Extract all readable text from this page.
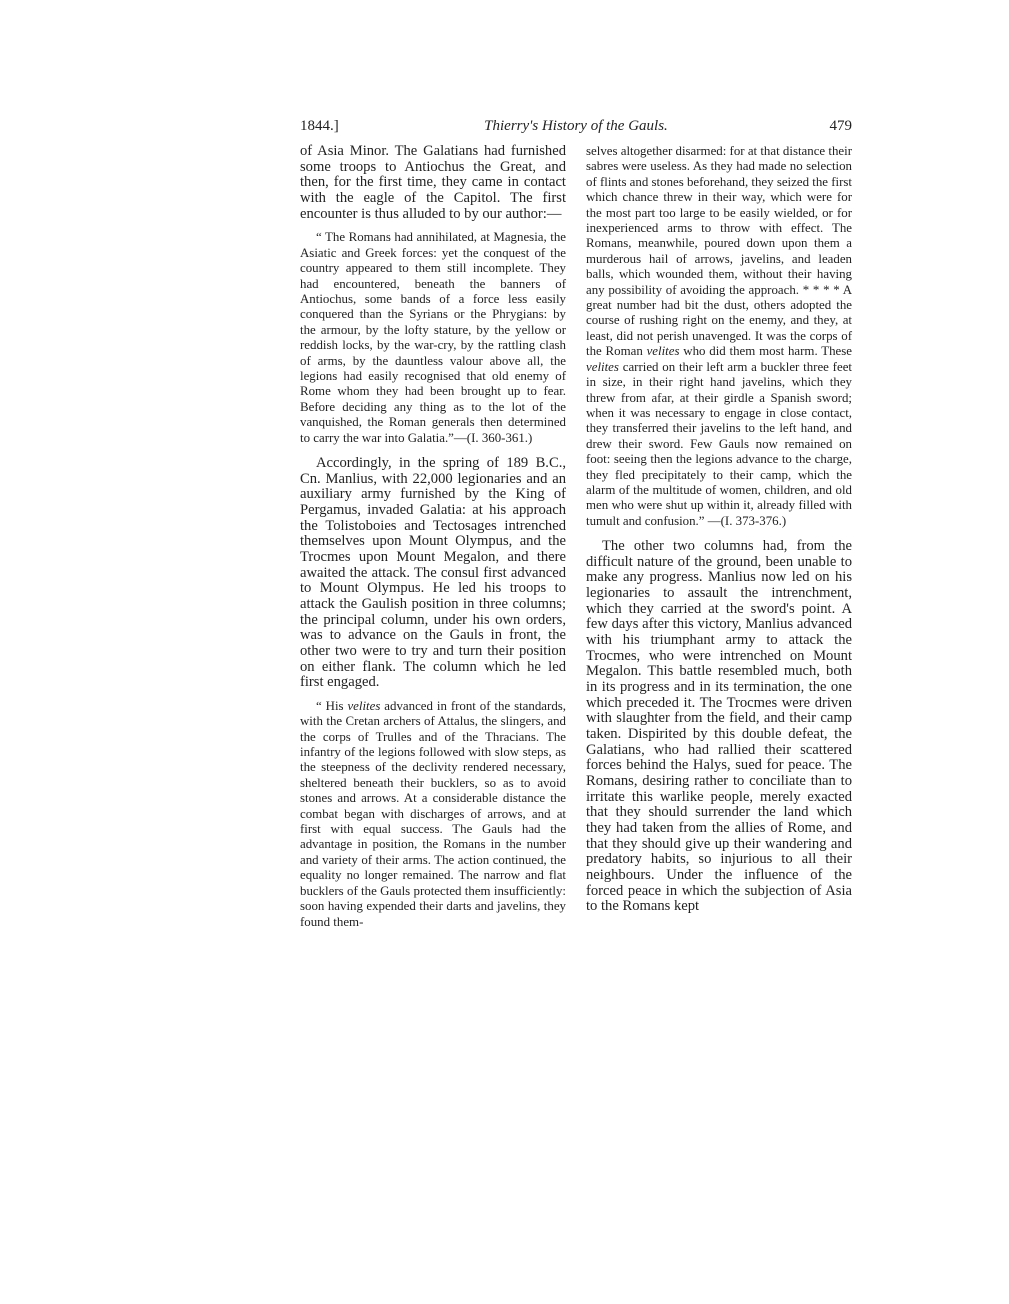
1844.]	Thierry's History of the Gauls.	479

of Asia Minor. The Galatians had furnished some troops to Antiochus the Great, and then, for the first time, they came in contact with the eagle of the Capitol. The first encounter is thus alluded to by our author:—

“ The Romans had annihilated, at Magnesia, the Asiatic and Greek forces: yet the conquest of the country appeared to them still incomplete. They had encountered, beneath the banners of Antiochus, some bands of a force less easily conquered than the Syrians or the Phrygians: by the armour, by the lofty stature, by the yellow or reddish locks, by the war-cry, by the rattling clash of arms, by the dauntless valour above all, the legions had easily recognised that old enemy of Rome whom they had been brought up to fear. Before deciding any thing as to the lot of the vanquished, the Roman generals then determined to carry the war into Galatia.”—(I. 360-361.)

Accordingly, in the spring of 189 B.C., Cn. Manlius, with 22,000 legionaries and an auxiliary army furnished by the King of Pergamus, invaded Galatia: at his approach the Tolistoboies and Tectosages intrenched themselves upon Mount Olympus, and the Trocmes upon Mount Megalon, and there awaited the attack. The consul first advanced to Mount Olympus. He led his troops to attack the Gaulish position in three columns; the principal column, under his own orders, was to advance on the Gauls in front, the other two were to try and turn their position on either flank. The column which he led first engaged.

“ His velites advanced in front of the standards, with the Cretan archers of Attalus, the slingers, and the corps of Trulles and of the Thracians. The infantry of the legions followed with slow steps, as the steepness of the declivity rendered necessary, sheltered beneath their bucklers, so as to avoid stones and arrows. At a considerable distance the combat began with discharges of arrows, and at first with equal success. The Gauls had the advantage in position, the Romans in the number and variety of their arms. The action continued, the equality no longer remained. The narrow and flat bucklers of the Gauls protected them insufficiently: soon having expended their darts and javelins, they found them-

selves altogether disarmed: for at that distance their sabres were useless. As they had made no selection of flints and stones beforehand, they seized the first which chance threw in their way, which were for the most part too large to be easily wielded, or for inexperienced arms to throw with effect. The Romans, meanwhile, poured down upon them a murderous hail of arrows, javelins, and leaden balls, which wounded them, without their having any possibility of avoiding the approach. * * * * A great number had bit the dust, others adopted the course of rushing right on the enemy, and they, at least, did not perish unavenged. It was the corps of the Roman velites who did them most harm. These velites carried on their left arm a buckler three feet in size, in their right hand javelins, which they threw from afar, at their girdle a Spanish sword; when it was necessary to engage in close contact, they transferred their javelins to the left hand, and drew their sword. Few Gauls now remained on foot: seeing then the legions advance to the charge, they fled precipitately to their camp, which the alarm of the multitude of women, children, and old men who were shut up within it, already filled with tumult and confusion.” —(I. 373-376.)

The other two columns had, from the difficult nature of the ground, been unable to make any progress. Manlius now led on his legionaries to assault the intrenchment, which they carried at the sword's point. A few days after this victory, Manlius advanced with his triumphant army to attack the Trocmes, who were intrenched on Mount Megalon. This battle resembled much, both in its progress and in its termination, the one which preceded it. The Trocmes were driven with slaughter from the field, and their camp taken. Dispirited by this double defeat, the Galatians, who had rallied their scattered forces behind the Halys, sued for peace. The Romans, desiring rather to conciliate than to irritate this warlike people, merely exacted that they should surrender the land which they had taken from the allies of Rome, and that they should give up their wandering and predatory habits, so injurious to all their neighbours. Under the influence of the forced peace in which the subjection of Asia to the Romans kept
